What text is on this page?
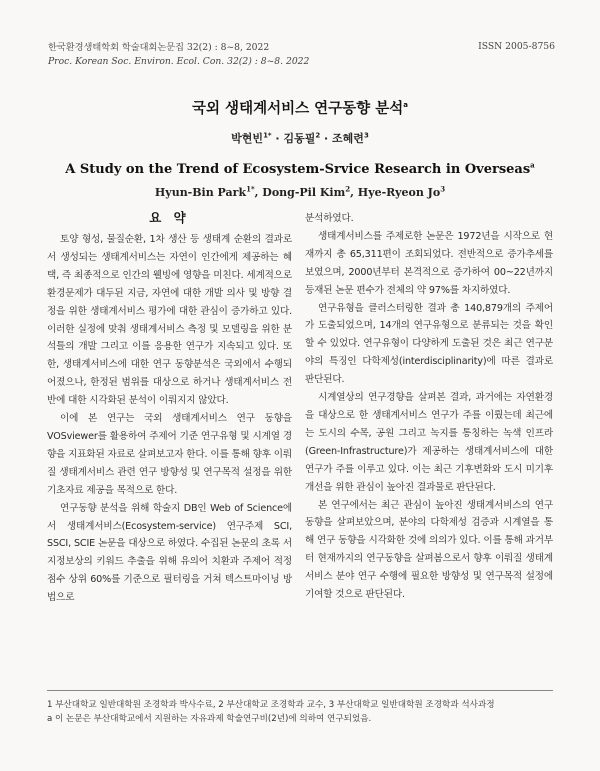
한국환경생태학회 학술대회논문집 32(2) : 8~8, 2022
Proc. Korean Soc. Environ. Ecol. Con. 32(2) : 8~8. 2022
ISSN 2005-8756
국외 생태계서비스 연구동향 분석$^a$
박현빈$^{1*}$ · 김동필$^2$ · 조혜련$^3$
A Study on the Trend of Ecosystem-Srvice Research in Overseas$^a$
Hyun-Bin Park$^{1*}$, Dong-Pil Kim$^2$, Hye-Ryeon Jo$^3$
요 약

토양 형성, 물질순환, 1차 생산 등 생태계 순환의 결과로서 생성되는 생태계서비스는 자연이 인간에게 제공하는 혜택, 즉 최종적으로 인간의 웰빙에 영향을 미친다. 세계적으로 환경문제가 대두된 지금, 자연에 대한 개발 의사 및 방향 결정을 위한 생태계서비스 평가에 대한 관심이 증가하고 있다. 이러한 실정에 맞춰 생태계서비스 측정 및 모델링을 위한 분석틀의 개발 그리고 이를 응용한 연구가 지속되고 있다. 또한, 생태계서비스에 대한 연구 동향분석은 국외에서 수행되어졌으나, 한정된 범위를 대상으로 하거나 생태계서비스 전반에 대한 시각화된 분석이 이뤄지지 않았다.

이에 본 연구는 국외 생태계서비스 연구 동향을 VOSviewer를 활용하여 주제어 기준 연구유형 및 시계열 경향을 지표화된 자료로 살펴보고자 한다. 이를 통해 향후 이뤄질 생태계서비스 관련 연구 방향성 및 연구목적 설정을 위한 기초자료 제공을 목적으로 한다.

연구동향 분석을 위해 학술지 DB인 Web of Science에서 생태계서비스(Ecosystem-service) 연구주제 SCI, SSCI, SCIE 논문을 대상으로 하였다. 수집된 논문의 초록 서지정보상의 키워드 추출을 위해 유의어 치환과 주제어 적정점수 상위 60%를 기준으로 필터링을 거쳐 텍스트마이닝 방법으로

분석하였다.

생태계서비스를 주제로한 논문은 1972년을 시작으로 현재까지 총 65,311편이 조회되었다. 전반적으로 증가추세를 보였으며, 2000년부터 본격적으로 증가하여 00~22년까지 등재된 논문 편수가 전체의 약 97%를 차지하였다.

연구유형을 클러스터링한 결과 총 140,879개의 주제어가 도출되었으며, 14개의 연구유형으로 분류되는 것을 확인할 수 있었다. 연구유형이 다양하게 도출된 것은 최근 연구분야의 특징인 다학제성(interdisciplinarity)에 따른 결과로 판단된다.

시계열상의 연구경향을 살펴본 결과, 과거에는 자연환경을 대상으로 한 생태계서비스 연구가 주를 이뤘는데 최근에는 도시의 수목, 공원 그리고 녹지를 통칭하는 녹색 인프라(Green-Infrastructure)가 제공하는 생태계서비스에 대한 연구가 주를 이루고 있다. 이는 최근 기후변화와 도시 미기후 개선을 위한 관심이 높아진 결과물로 판단된다.

본 연구에서는 최근 관심이 높아진 생태계서비스의 연구동향을 살펴보았으며, 분야의 다학제성 검증과 시계열을 통해 연구 동향을 시각화한 것에 의의가 있다. 이를 통해 과거부터 현재까지의 연구동향을 살펴봄으로서 향후 이뤄질 생태계서비스 분야 연구 수행에 필요한 방향성 및 연구목적 설정에 기여할 것으로 판단된다.

1 부산대학교 일반대학원 조경학과 박사수료, 2 부산대학교 조경학과 교수, 3 부산대학교 일반대학원 조경학과 석사과정
a 이 논문은 부산대학교에서 지원하는 자유과제 학술연구비(2년)에 의하여 연구되었음.
